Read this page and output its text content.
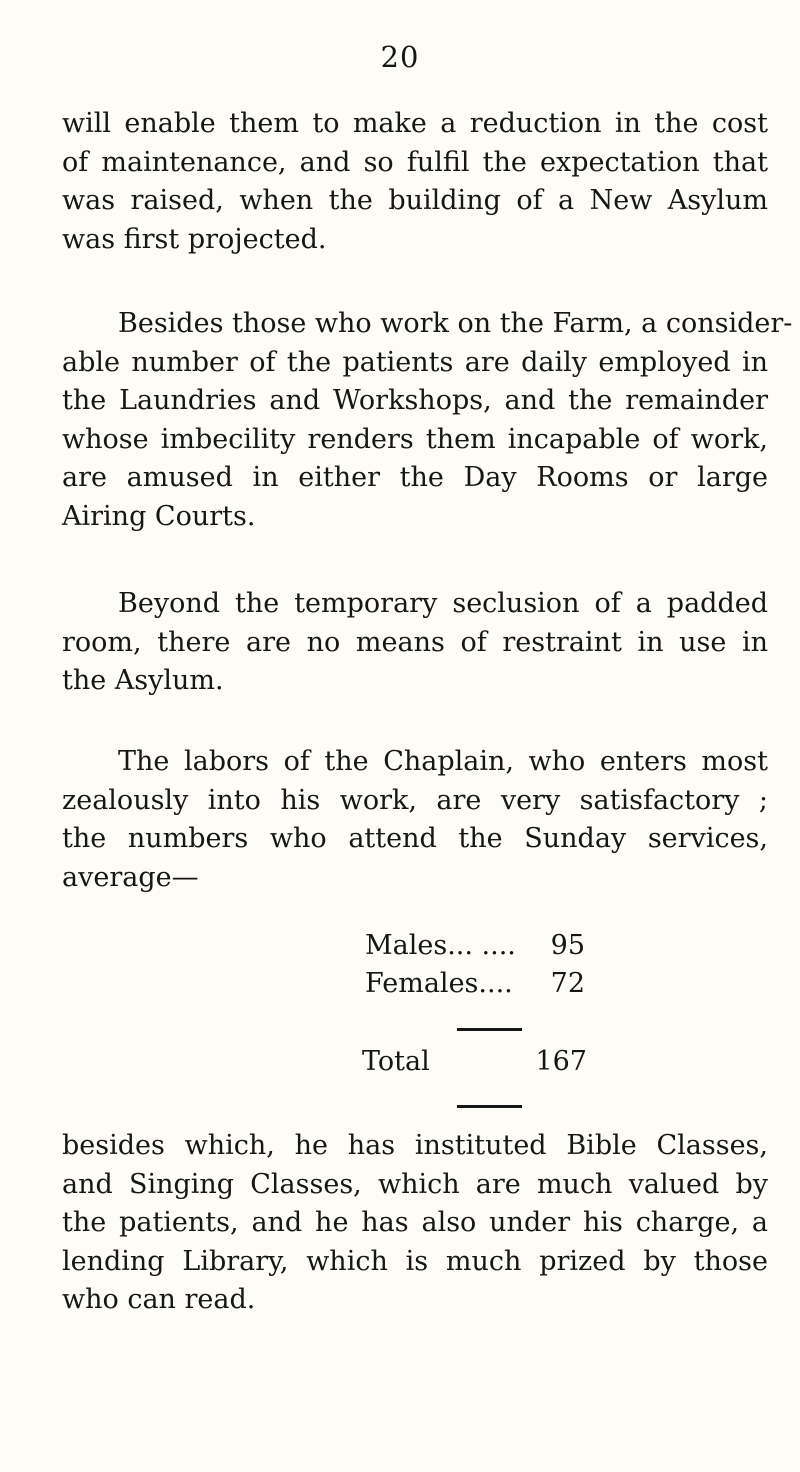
20
will enable them to make a reduction in the cost
of maintenance, and so fulfil the expectation that
was raised, when the building of a New Asylum
was first projected.
Besides those who work on the Farm, a consider-
able number of the patients are daily employed in
the Laundries and Workshops, and the remainder
whose imbecility renders them incapable of work,
are amused in either the Day Rooms or large
Airing Courts.
Beyond the temporary seclusion of a padded
room, there are no means of restraint in use in
the Asylum.
The labors of the Chaplain, who enters most
zealously into his work, are very satisfactory ;
the numbers who attend the Sunday services,
average—
Males... .... 95
Females.... 72
Total	167
besides which, he has instituted Bible Classes,
and Singing Classes, which are much valued by
the patients, and he has also under his charge, a
lending Library, which is much prized by those
who can read.
